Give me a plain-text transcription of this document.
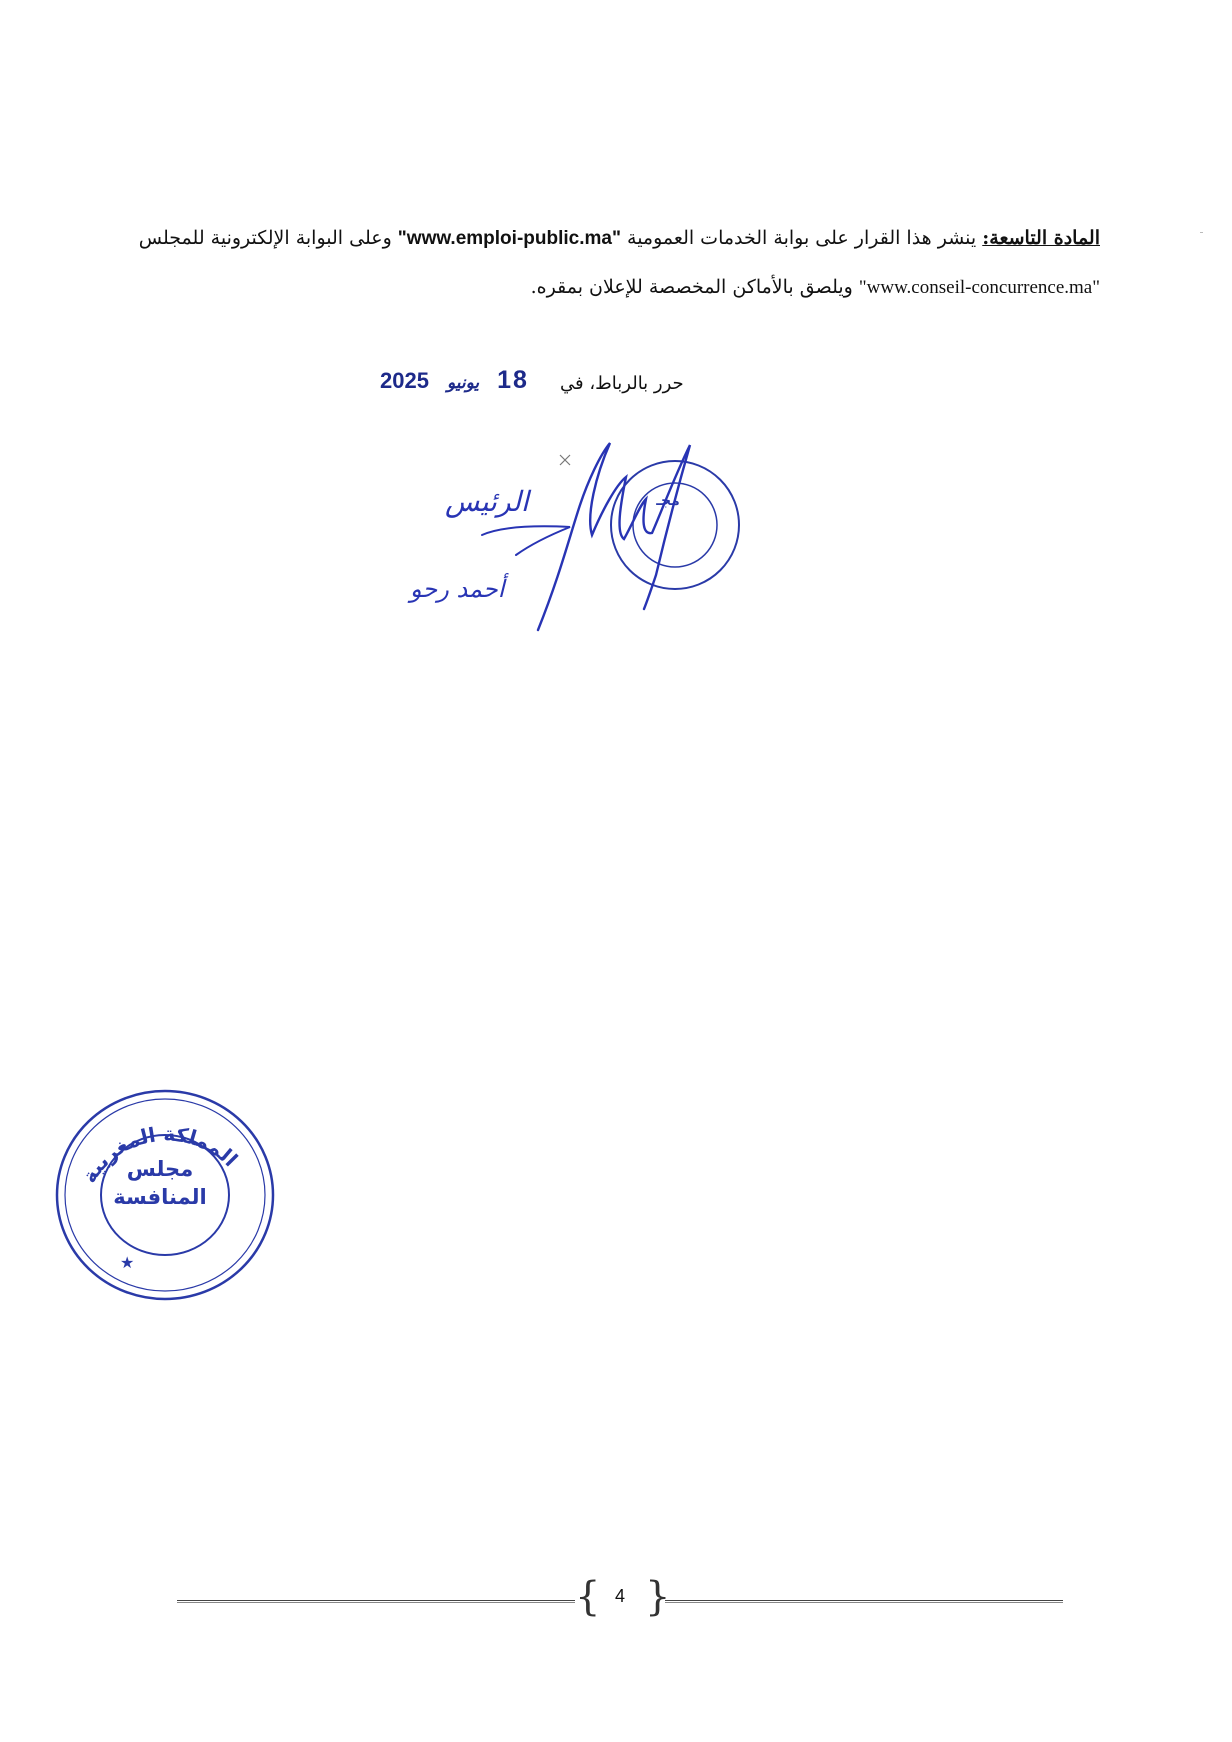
المادة التاسعة: ينشر هذا القرار على بوابة الخدمات العمومية "www.emploi-public.ma" وعلى البوابة الإلكترونية للمجلس
"www.conseil-concurrence.ma" ويلصق بالأماكن المخصصة للإعلان بمقره.
حرر بالرباط، في
18
يونيو
2025
الرئيس
أحمد رحو
مجـ
المملكة المغربية
★
مجلس
المنافسة
{ 4 }
